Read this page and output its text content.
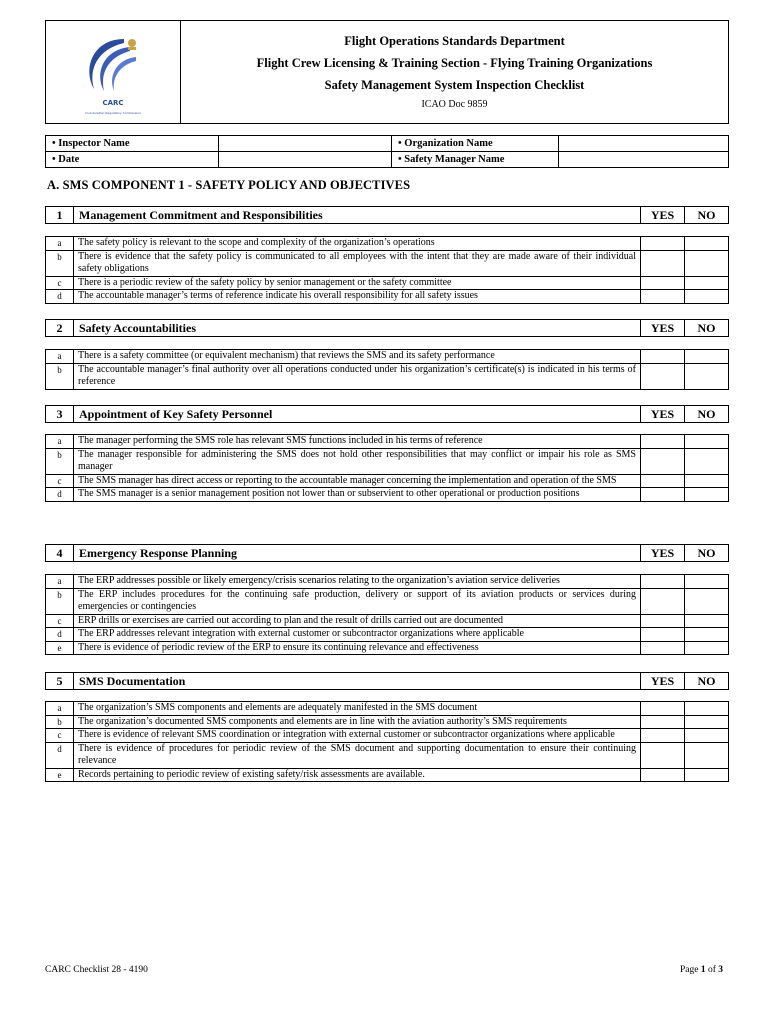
CARC
Civil Aviation Regulatory Commission

Flight Operations Standards Department
Flight Crew Licensing & Training Section - Flying Training Organizations
Safety Management System Inspection Checklist
ICAO Doc 9859
• Inspector Name		• Organization Name	
• Date		• Safety Manager Name	
A. SMS COMPONENT 1 - SAFETY POLICY AND OBJECTIVES
1	Management Commitment and Responsibilities	YES	NO
a	The safety policy is relevant to the scope and complexity of the organization’s operations		
b	There is evidence that the safety policy is communicated to all employees with the intent that they are made aware of their individual safety obligations		
c	There is a periodic review of the safety policy by senior management or the safety committee		
d	The accountable manager’s terms of reference indicate his overall responsibility for all safety issues		
2	Safety Accountabilities	YES	NO
a	There is a safety committee (or equivalent mechanism) that reviews the SMS and its safety performance		
b	The accountable manager’s final authority over all operations conducted under his organization’s certificate(s) is indicated in his terms of reference		
3	Appointment of Key Safety Personnel	YES	NO
a	The manager performing the SMS role has relevant SMS functions included in his terms of reference		
b	The manager responsible for administering the SMS does not hold other responsibilities that may conflict or impair his role as SMS manager		
c	The SMS manager has direct access or reporting to the accountable manager concerning the implementation and operation of the SMS		
d	The SMS manager is a senior management position not lower than or subservient to other operational or production positions		
4	Emergency Response Planning	YES	NO
a	The ERP addresses possible or likely emergency/crisis scenarios relating to the organization’s aviation service deliveries		
b	The ERP includes procedures for the continuing safe production, delivery or support of its aviation products or services during emergencies or contingencies		
c	ERP drills or exercises are carried out according to plan and the result of drills carried out are documented		
d	The ERP addresses relevant integration with external customer or subcontractor organizations where applicable		
e	There is evidence of periodic review of the ERP to ensure its continuing relevance and effectiveness		
5	SMS Documentation	YES	NO
a	The organization’s SMS components and elements are adequately manifested in the SMS document		
b	The organization’s documented SMS components and elements are in line with the aviation authority’s SMS requirements		
c	There is evidence of relevant SMS coordination or integration with external customer or subcontractor organizations where applicable		
d	There is evidence of procedures for periodic review of the SMS document and supporting documentation to ensure their continuing relevance		
e	Records pertaining to periodic review of existing safety/risk assessments are available.		
CARC Checklist 28 - 4190	Page 1 of 3
